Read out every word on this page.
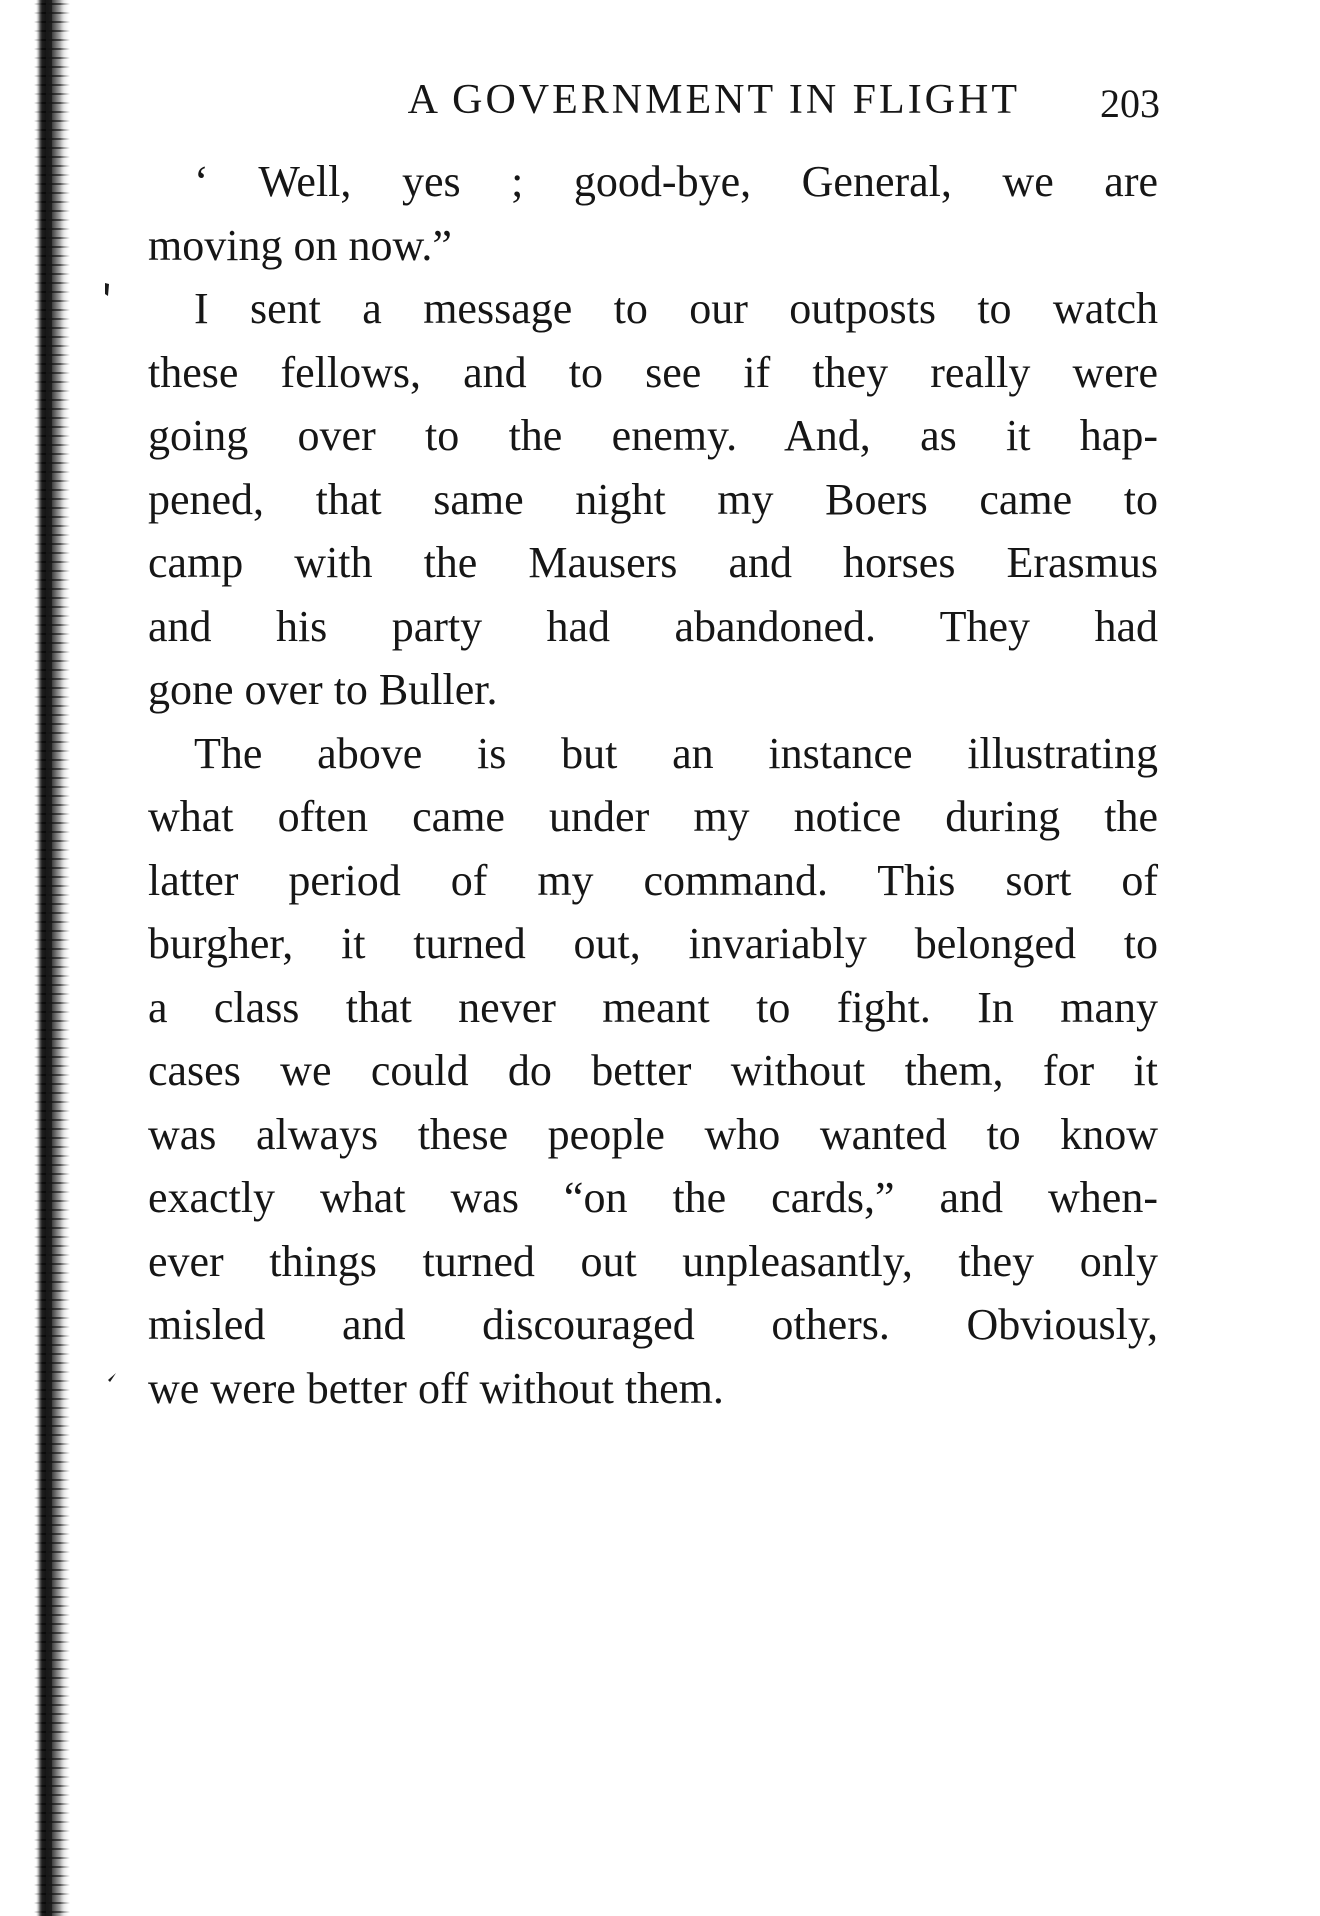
A GOVERNMENT IN FLIGHT 203
‘ Well, yes ; good-bye, General, we are
moving on now.”
I sent a message to our outposts to watch
these fellows, and to see if they really were
going over to the enemy. And, as it hap-
pened, that same night my Boers came to
camp with the Mausers and horses Erasmus
and his party had abandoned. They had
gone over to Buller.
The above is but an instance illustrating
what often came under my notice during the
latter period of my command. This sort of
burgher, it turned out, invariably belonged to
a class that never meant to fight. In many
cases we could do better without them, for it
was always these people who wanted to know
exactly what was “on the cards,” and when-
ever things turned out unpleasantly, they only
misled and discouraged others. Obviously,
we were better off without them.
